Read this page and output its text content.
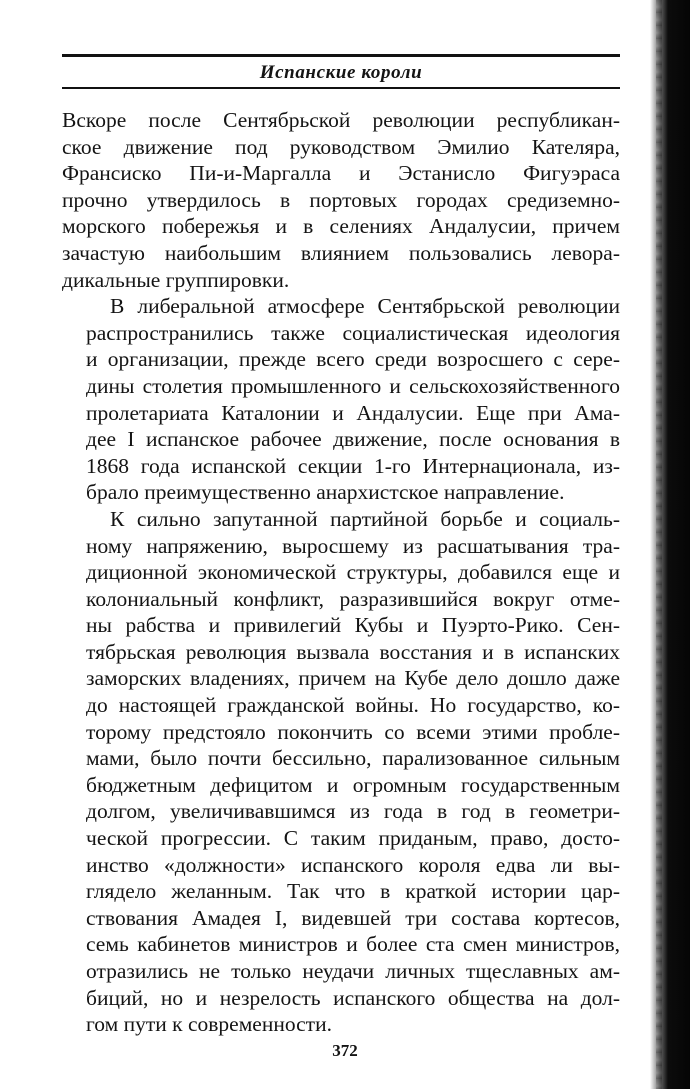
Испанские короли

Вскоре после Сентябрьской революции республикан-
ское движение под руководством Эмилио Кателяра,
Франсиско Пи-и-Маргалла и Эстанисло Фигуэраса
прочно утвердилось в портовых городах средиземно-
морского побережья и в селениях Андалусии, причем
зачастую наибольшим влиянием пользовались левора-
дикальные группировки.

В либеральной атмосфере Сентябрьской революции
распространились также социалистическая идеология
и организации, прежде всего среди возросшего с сере-
дины столетия промышленного и сельскохозяйственного
пролетариата Каталонии и Андалусии. Еще при Ама-
дее I испанское рабочее движение, после основания в
1868 года испанской секции 1-го Интернационала, из-
брало преимущественно анархистское направление.

К сильно запутанной партийной борьбе и социаль-
ному напряжению, выросшему из расшатывания тра-
диционной экономической структуры, добавился еще и
колониальный конфликт, разразившийся вокруг отме-
ны рабства и привилегий Кубы и Пуэрто-Рико. Сен-
тябрьская революция вызвала восстания и в испанских
заморских владениях, причем на Кубе дело дошло даже
до настоящей гражданской войны. Но государство, ко-
торому предстояло покончить со всеми этими пробле-
мами, было почти бессильно, парализованное сильным
бюджетным дефицитом и огромным государственным
долгом, увеличивавшимся из года в год в геометри-
ческой прогрессии. С таким приданым, право, досто-
инство «должности» испанского короля едва ли вы-
глядело желанным. Так что в краткой истории цар-
ствования Амадея I, видевшей три состава кортесов,
семь кабинетов министров и более ста смен министров,
отразились не только неудачи личных тщеславных ам-
биций, но и незрелость испанского общества на дол-
гом пути к современности.

372
